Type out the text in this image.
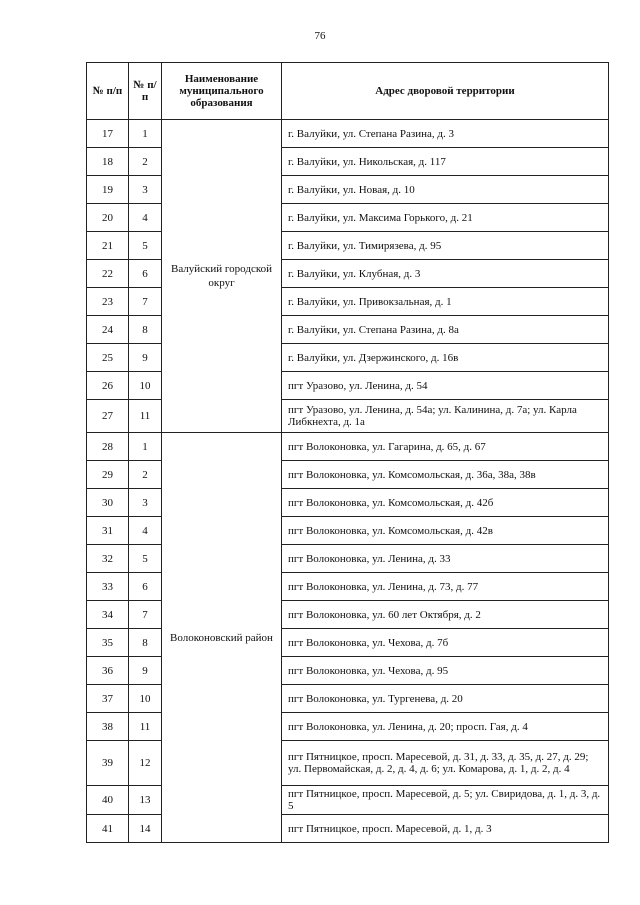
76
№ п/п	№ п/п	Наименование муниципального образования	Адрес дворовой территории
17	1	Валуйский городской округ	г. Валуйки, ул. Степана Разина, д. 3
18	2		г. Валуйки, ул. Никольская, д. 117
19	3		г. Валуйки, ул. Новая, д. 10
20	4		г. Валуйки, ул. Максима Горького, д. 21
21	5		г. Валуйки, ул. Тимирязева, д. 95
22	6		г. Валуйки, ул. Клубная, д. 3
23	7		г. Валуйки, ул. Привокзальная, д. 1
24	8		г. Валуйки, ул. Степана Разина, д. 8а
25	9		г. Валуйки, ул. Дзержинского, д. 16в
26	10		пгт Уразово, ул. Ленина, д. 54
27	11		пгт Уразово, ул. Ленина, д. 54а; ул. Калинина, д. 7а; ул. Карла Либкнехта, д. 1а
28	1	Волоконовский район	пгт Волоконовка, ул. Гагарина, д. 65, д. 67
29	2		пгт Волоконовка, ул. Комсомольская, д. 36а, 38а, 38в
30	3		пгт Волоконовка, ул. Комсомольская, д. 42б
31	4		пгт Волоконовка, ул. Комсомольская, д. 42в
32	5		пгт Волоконовка, ул. Ленина, д. 33
33	6		пгт Волоконовка, ул. Ленина, д. 73, д. 77
34	7		пгт Волоконовка, ул. 60 лет Октября, д. 2
35	8		пгт Волоконовка, ул. Чехова, д. 7б
36	9		пгт Волоконовка, ул. Чехова, д. 95
37	10		пгт Волоконовка, ул. Тургенева, д. 20
38	11		пгт Волоконовка, ул. Ленина, д. 20; просп. Гая, д. 4
39	12		пгт Пятницкое, просп. Маресевой, д. 31, д. 33, д. 35, д. 27, д. 29; ул. Первомайская, д. 2, д. 4, д. 6; ул. Комарова, д. 1, д. 2, д. 4
40	13		пгт Пятницкое, просп. Маресевой, д. 5; ул. Свиридова, д. 1, д. 3, д. 5
41	14		пгт Пятницкое, просп. Маресевой, д. 1, д. 3
